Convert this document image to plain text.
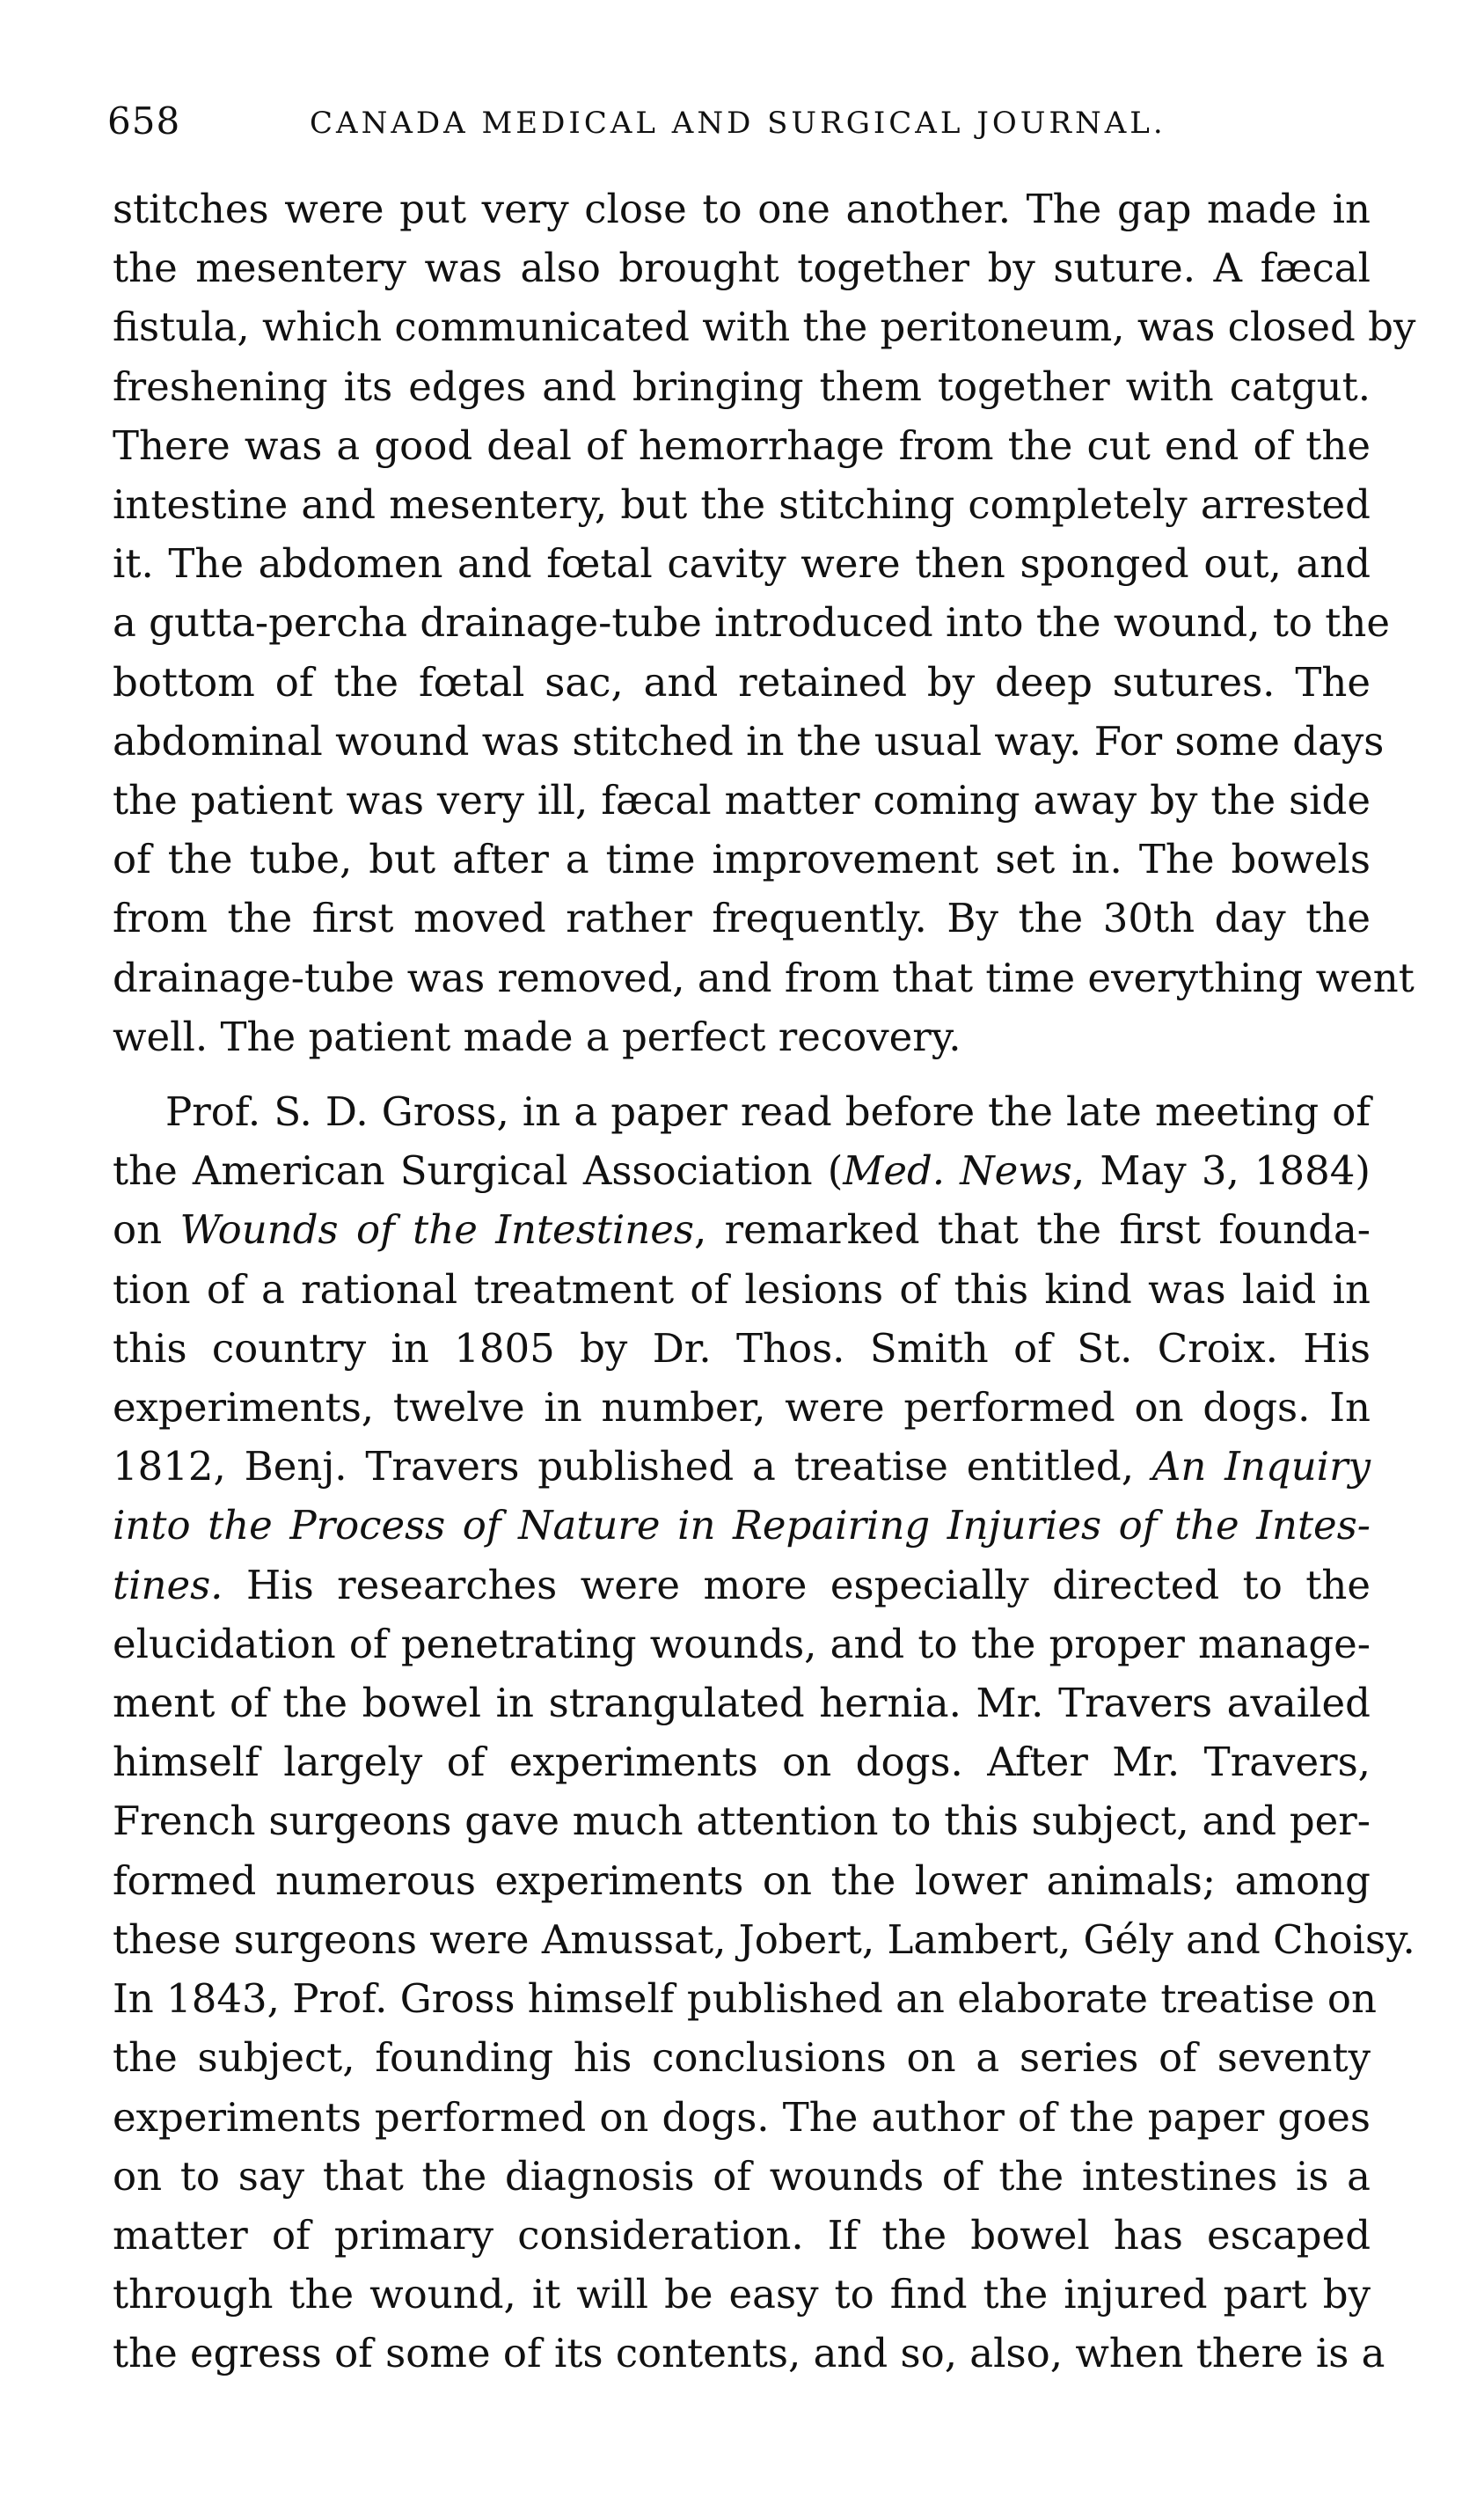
658	CANADA MEDICAL AND SURGICAL JOURNAL.
stitches were put very close to one another. The gap made in
the mesentery was also brought together by suture. A fæcal
fistula, which communicated with the peritoneum, was closed by
freshening its edges and bringing them together with catgut.
There was a good deal of hemorrhage from the cut end of the
intestine and mesentery, but the stitching completely arrested
it. The abdomen and fœtal cavity were then sponged out, and
a gutta-percha drainage-tube introduced into the wound, to the
bottom of the fœtal sac, and retained by deep sutures. The
abdominal wound was stitched in the usual way. For some days
the patient was very ill, fæcal matter coming away by the side
of the tube, but after a time improvement set in. The bowels
from the first moved rather frequently. By the 30th day the
drainage-tube was removed, and from that time everything went
well. The patient made a perfect recovery.
Prof. S. D. Gross, in a paper read before the late meeting of
the American Surgical Association (Med. News, May 3, 1884)
on Wounds of the Intestines, remarked that the first founda-
tion of a rational treatment of lesions of this kind was laid in
this country in 1805 by Dr. Thos. Smith of St. Croix. His
experiments, twelve in number, were performed on dogs. In
1812, Benj. Travers published a treatise entitled, An Inquiry
into the Process of Nature in Repairing Injuries of the Intes-
tines. His researches were more especially directed to the
elucidation of penetrating wounds, and to the proper manage-
ment of the bowel in strangulated hernia. Mr. Travers availed
himself largely of experiments on dogs. After Mr. Travers,
French surgeons gave much attention to this subject, and per-
formed numerous experiments on the lower animals; among
these surgeons were Amussat, Jobert, Lambert, Gély and Choisy.
In 1843, Prof. Gross himself published an elaborate treatise on
the subject, founding his conclusions on a series of seventy
experiments performed on dogs. The author of the paper goes
on to say that the diagnosis of wounds of the intestines is a
matter of primary consideration. If the bowel has escaped
through the wound, it will be easy to find the injured part by
the egress of some of its contents, and so, also, when there is a
